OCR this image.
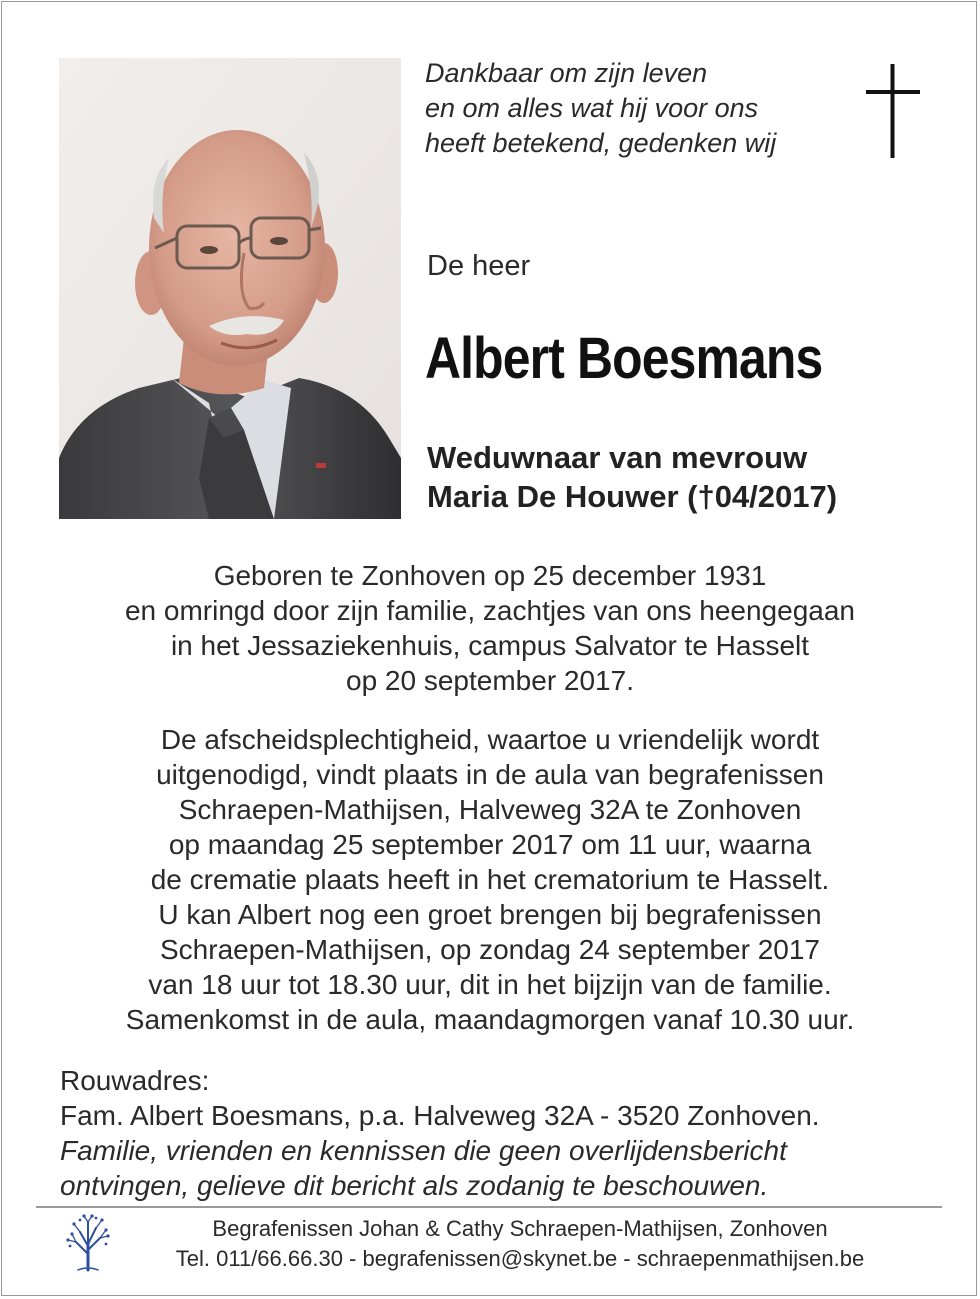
Dankbaar om zijn leven
en om alles wat hij voor ons
heeft betekend, gedenken wij
De heer
Albert Boesmans
Weduwnaar van mevrouw
Maria De Houwer (†04/2017)
Geboren te Zonhoven op 25 december 1931
en omringd door zijn familie, zachtjes van ons heengegaan
in het Jessaziekenhuis, campus Salvator te Hasselt
op 20 september 2017.
De afscheidsplechtigheid, waartoe u vriendelijk wordt
uitgenodigd, vindt plaats in de aula van begrafenissen
Schraepen-Mathijsen, Halveweg 32A te Zonhoven
op maandag 25 september 2017 om 11 uur, waarna
de crematie plaats heeft in het crematorium te Hasselt.
U kan Albert nog een groet brengen bij begrafenissen
Schraepen-Mathijsen, op zondag 24 september 2017
van 18 uur tot 18.30 uur, dit in het bijzijn van de familie.
Samenkomst in de aula, maandagmorgen vanaf 10.30 uur.
Rouwadres:
Fam. Albert Boesmans, p.a. Halveweg 32A - 3520 Zonhoven.
Familie, vrienden en kennissen die geen overlijdensbericht
ontvingen, gelieve dit bericht als zodanig te beschouwen.
Begrafenissen Johan & Cathy Schraepen-Mathijsen, Zonhoven
Tel. 011/66.66.30 - begrafenissen@skynet.be - schraepenmathijsen.be
